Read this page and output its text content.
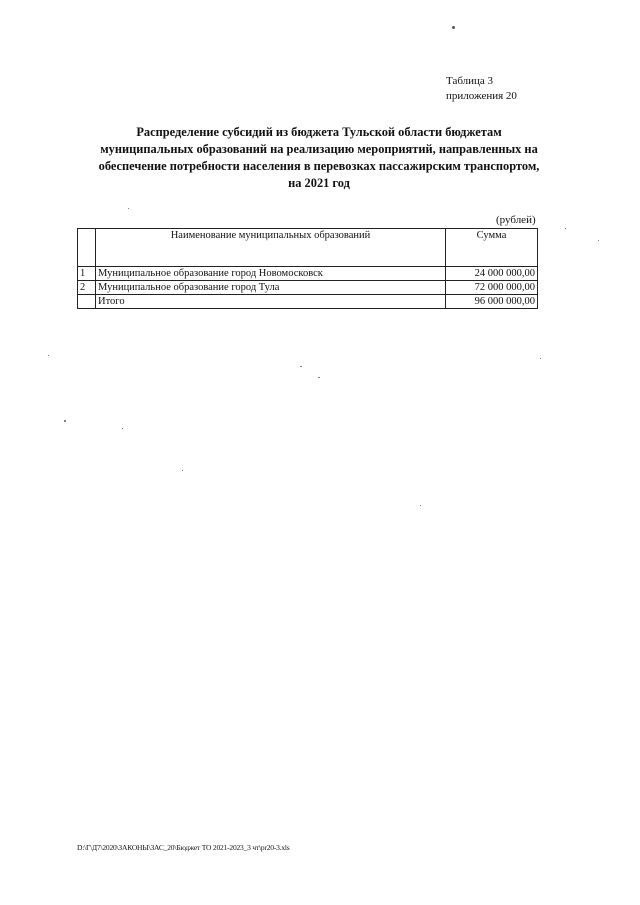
Таблица 3
приложения 20
Распределение субсидий из бюджета Тульской области бюджетам
муниципальных образований на реализацию мероприятий, направленных на
обеспечение потребности населения в перевозках пассажирским транспортом,
на 2021 год
(рублей)
	Наименование муниципальных образований	Сумма
1	Муниципальное образование город Новомосковск	24 000 000,00
2	Муниципальное образование город Тула	72 000 000,00
	Итого	96 000 000,00
D:\Г\Д7\2020\ЗАКОНЫ\ЗАС_20\Бюджет ТО 2021-2023_3 чт\pr20-3.xls
